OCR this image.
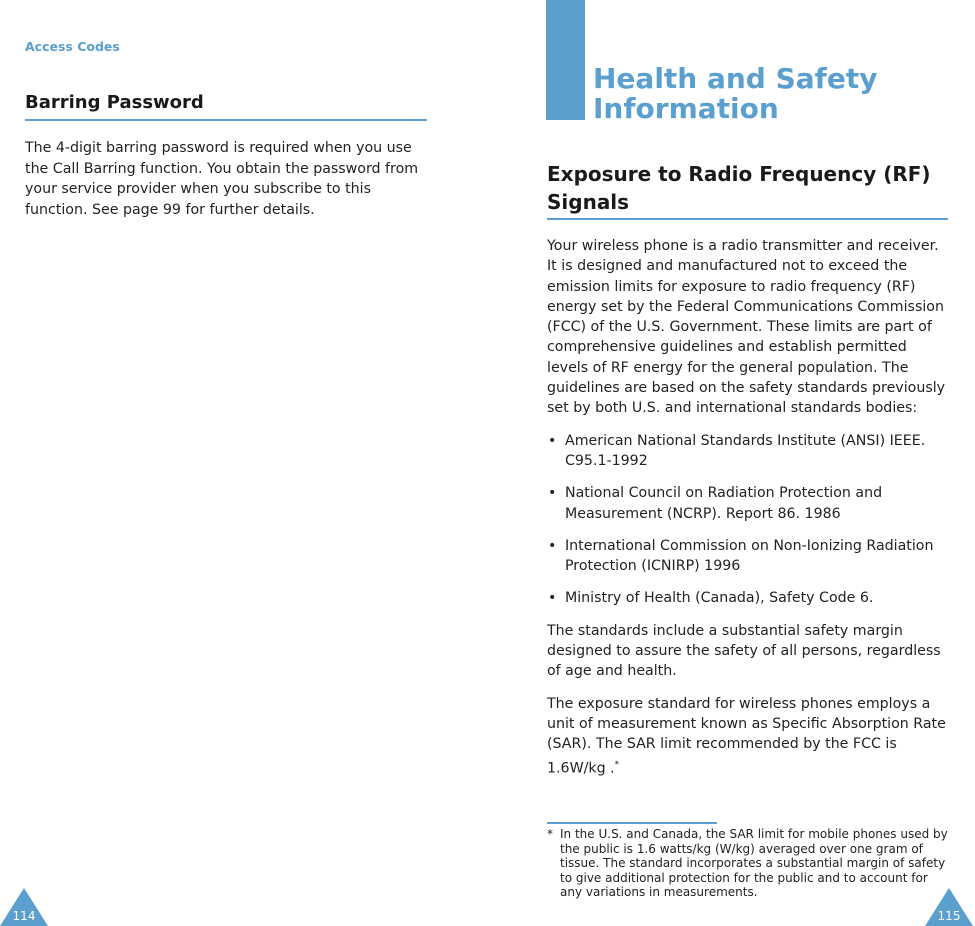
Access Codes
Barring Password
The 4-digit barring password is required when you use the Call Barring function. You obtain the password from your service provider when you subscribe to this function. See page 99 for further details.
114
Health and Safety Information
Exposure to Radio Frequency (RF) Signals

Your wireless phone is a radio transmitter and receiver. It is designed and manufactured not to exceed the emission limits for exposure to radio frequency (RF) energy set by the Federal Communications Commission (FCC) of the U.S. Government. These limits are part of comprehensive guidelines and establish permitted levels of RF energy for the general population. The guidelines are based on the safety standards previously set by both U.S. and international standards bodies:

• American National Standards Institute (ANSI) IEEE. C95.1-1992
• National Council on Radiation Protection and Measurement (NCRP). Report 86. 1986
• International Commission on Non-Ionizing Radiation Protection (ICNIRP) 1996
• Ministry of Health (Canada), Safety Code 6.

The standards include a substantial safety margin designed to assure the safety of all persons, regardless of age and health.

The exposure standard for wireless phones employs a unit of measurement known as Specific Absorption Rate (SAR). The SAR limit recommended by the FCC is 1.6W/kg .*

* In the U.S. and Canada, the SAR limit for mobile phones used by the public is 1.6 watts/kg (W/kg) averaged over one gram of tissue. The standard incorporates a substantial margin of safety to give additional protection for the public and to account for any variations in measurements.
115
